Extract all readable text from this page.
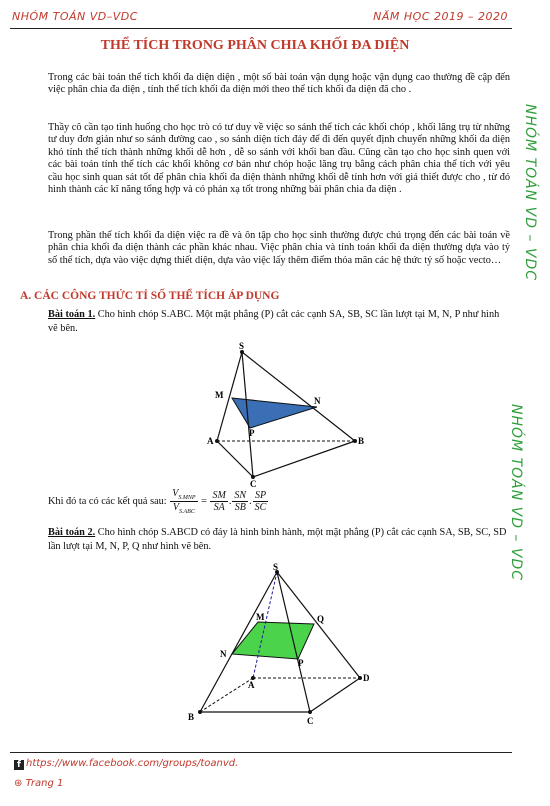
NHÓM TOÁN VD–VDC	NĂM HỌC 2019 – 2020
THỂ TÍCH TRONG PHÂN CHIA KHỐI ĐA DIỆN
Trong các bài toán thể tích khối đa diện diện , một số bài toán vận dụng hoặc vận dụng cao thường đề cập đến việc phân chia đa diện , tính thể tích khối đa diện mới theo thể tích khối đa diện đã cho .
Thầy cô cần tạo tình huống cho học trò có tư duy về việc so sánh thể tích các khối chóp , khối lăng trụ từ những tư duy đơn giản như so sánh đường cao , so sánh diện tích đáy để đi đến quyết định chuyển những khối đa diện khó tính thể tích thành những khối dễ hơn , dễ so sánh với khối ban đầu. Cũng cần tạo cho học sinh quen với các bài toán tính thể tích các khối không cơ bản như chóp hoặc lăng trụ bằng cách phân chia thể tích với yêu cầu học sinh quan sát tốt để phân chia khối đa diện thành những khối dễ tính hơn với giả thiết được cho , từ đó hình thành các kĩ năng tổng hợp và có phản xạ tốt trong những bài phân chia đa diện .
Trong phần thể tích khối đa diện việc ra đề và ôn tập cho học sinh thường được chú trọng đến các bài toán về phân chia khối đa diện thành các phần khác nhau. Việc phân chia và tính toán khối đa diện thường dựa vào tỷ số thể tích, dựa vào việc dựng thiết diện, dựa vào việc lấy thêm điểm thỏa mãn các hệ thức tỷ số hoặc vecto…
A. CÁC CÔNG THỨC TỈ SỐ THỂ TÍCH ÁP DỤNG
Bài toán 1. Cho hình chóp S.ABC. Một mặt phẳng (P) cắt các cạnh SA, SB, SC lần lượt tại M, N, P như hình vẽ bên.
S
M
N
P
A	B
C
Khi đó ta có các kết quả sau: $\frac{V_{S.MNP}}{V_{S.ABC}} = \frac{SM}{SA}$ . $\frac{SN}{SB}$ . $\frac{SP}{SC}$
Bài toán 2. Cho hình chóp S.ABCD có đáy là hình bình hành, một mặt phẳng (P) cắt các cạnh SA, SB, SC, SD lần lượt tại M, N, P, Q như hình vẽ bên.
S
M
N
P
Q
A
B	C
D
NHÓM TOÁN VD – VDC
NHÓM TOÁN VD – VDC
f https://www.facebook.com/groups/toanvd.
⊛ Trang 1
